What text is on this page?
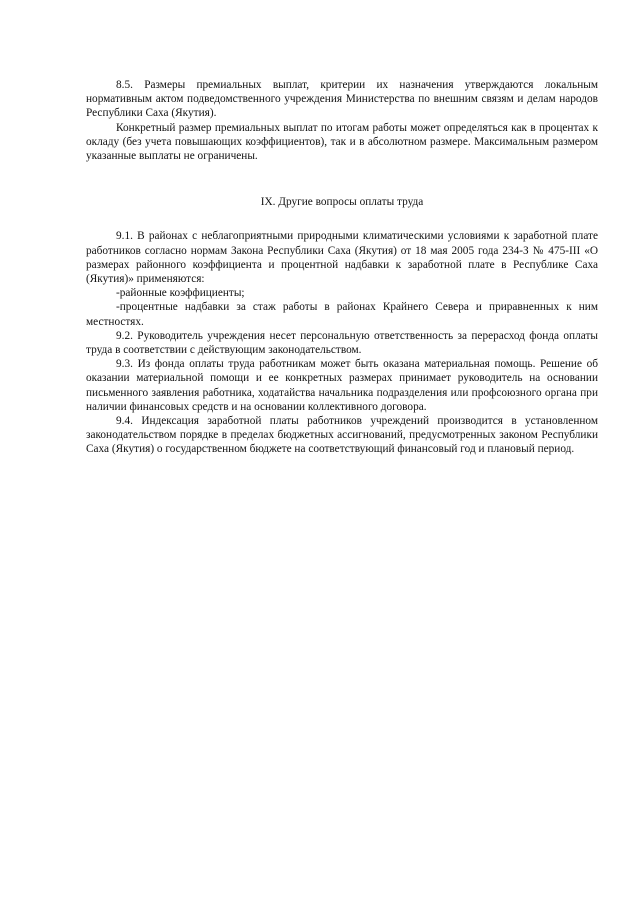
8.5. Размеры премиальных выплат, критерии их назначения утверждаются локальным нормативным актом подведомственного учреждения Министерства по внешним связям и делам народов Республики Саха (Якутия).

Конкретный размер премиальных выплат по итогам работы может определяться как в процентах к окладу (без учета повышающих коэффициентов), так и в абсолютном размере. Максимальным размером указанные выплаты не ограничены.

IX. Другие вопросы оплаты труда

9.1. В районах с неблагоприятными природными климатическими условиями к заработной плате работников согласно нормам Закона Республики Саха (Якутия) от 18 мая 2005 года 234-З № 475-III «О размерах районного коэффициента и процентной надбавки к заработной плате в Республике Саха (Якутия)» применяются:

-районные коэффициенты;

-процентные надбавки за стаж работы в районах Крайнего Севера и приравненных к ним местностях.

9.2. Руководитель учреждения несет персональную ответственность за перерасход фонда оплаты труда в соответствии с действующим законодательством.

9.3. Из фонда оплаты труда работникам может быть оказана материальная помощь. Решение об оказании материальной помощи и ее конкретных размерах принимает руководитель на основании письменного заявления работника, ходатайства начальника подразделения или профсоюзного органа при наличии финансовых средств и на основании коллективного договора.

9.4. Индексация заработной платы работников учреждений производится в установленном законодательством порядке в пределах бюджетных ассигнований, предусмотренных законом Республики Саха (Якутия) о государственном бюджете на соответствующий финансовый год и плановый период.
